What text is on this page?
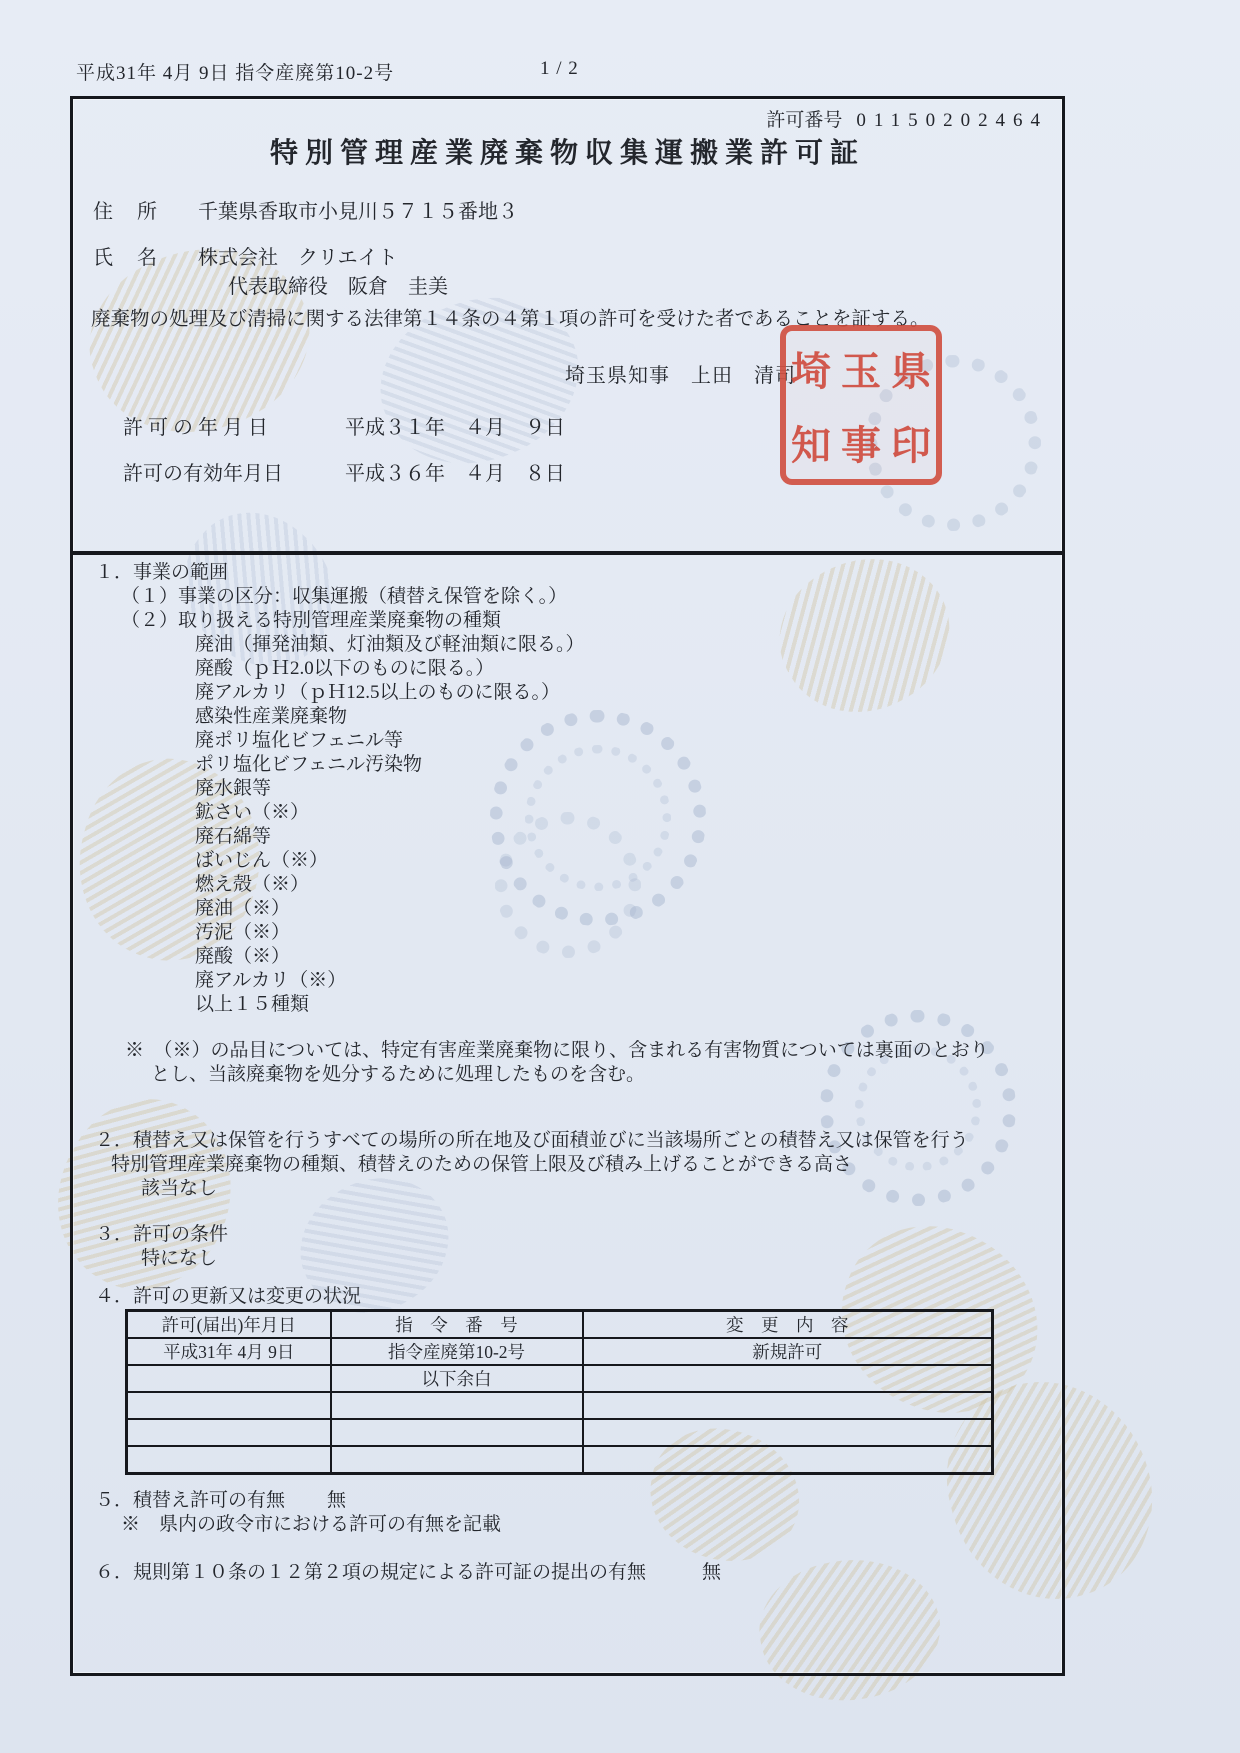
平成31年 4月 9日 指令産廃第10-2号	1 / 2
許可番号 01150202464
特別管理産業廃棄物収集運搬業許可証
住　所 千葉県香取市小見川５７１５番地３
氏　名 株式会社　クリエイト
代表取締役　阪倉　圭美
廃棄物の処理及び清掃に関する法律第１４条の４第１項の許可を受けた者であることを証する。
埼玉県知事　上田　清司
埼 玉 県
知 事 印
許 可 の 年 月 日	平成３１年　４月　９日
許可の有効年月日	平成３６年　４月　８日
１．事業の範囲
（１）事業の区分：収集運搬（積替え保管を除く。）
（２）取り扱える特別管理産業廃棄物の種類
廃油（揮発油類、灯油類及び軽油類に限る。）
廃酸（ｐＨ2.0以下のものに限る。）
廃アルカリ（ｐＨ12.5以上のものに限る。）
感染性産業廃棄物
廃ポリ塩化ビフェニル等
ポリ塩化ビフェニル汚染物
廃水銀等
鉱さい（※）
廃石綿等
ばいじん（※）
燃え殻（※）
廃油（※）
汚泥（※）
廃酸（※）
廃アルカリ（※）
以上１５種類
※　（※）の品目については、特定有害産業廃棄物に限り、含まれる有害物質については裏面のとおり
とし、当該廃棄物を処分するために処理したものを含む。
２．積替え又は保管を行うすべての場所の所在地及び面積並びに当該場所ごとの積替え又は保管を行う
特別管理産業廃棄物の種類、積替えのための保管上限及び積み上げることができる高さ
該当なし
３．許可の条件
特になし
４．許可の更新又は変更の状況
許可(届出)年月日	指　令　番　号	変　更　内　容
平成31年 4月 9日	指令産廃第10-2号	新規許可
	以下余白	

５．積替え許可の有無 無
※　県内の政令市における許可の有無を記載
６．規則第１０条の１２第２項の規定による許可証の提出の有無	無
